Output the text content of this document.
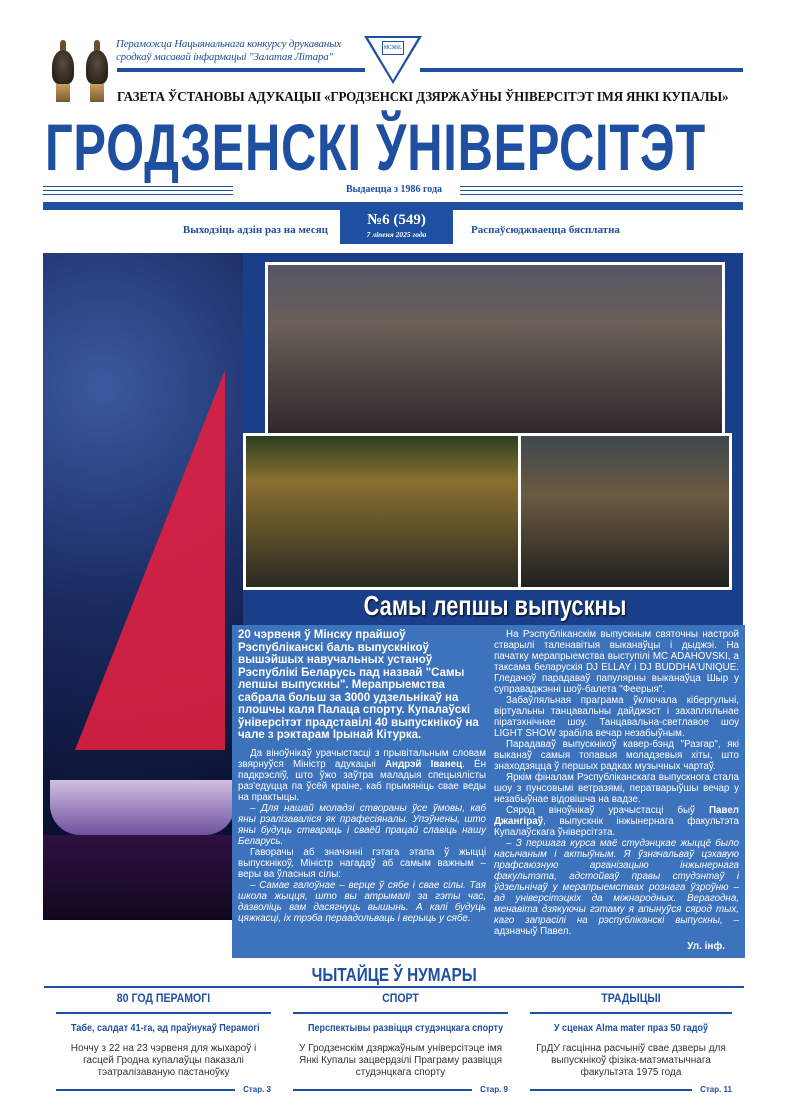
Пераможца Нацыянальнага конкурсу друкаваных
сродкаў масавай інфармацыі "Залатая Літара"
МСЖКL
ГАЗЕТА ЎСТАНОВЫ АДУКАЦЫІ «ГРОДЗЕНСКІ ДЗЯРЖАЎНЫ ЎНІВЕРСІТЭТ ІМЯ ЯНКІ КУПАЛЫ»
ГРОДЗЕНСКІ ЎНІВЕРСІТЭТ
Выдаецца з 1986 года
№6 (549)
7 лiпеня 2025 года
Выходзіць адзін раз на месяц	Распаўсюджваецца бясплатна
Самы лепшы выпускны
20 чэрвеня ў Мінску прайшоў Рэспубліканскі баль выпускнікоў вышэйшых навучальных устаноў Рэспублікі Беларусь пад назвай "Самы лепшы выпускны". Мерапрыемства сабрала больш за 3000 удзельнікаў на плошчы каля Палаца спорту. Купалаўскі ўніверсітэт прадставілі 40 выпускнікоў на чале з рэктарам Ірынай Кітурка.

Да віноўнікаў урачыстасці з прывітальным словам звярнуўся Міністр адукацыі Андрэй Іванец. Ён падкрэсліў, што ўжо заўтра маладыя спецыялісты раз'едуцца па ўсёй краіне, каб прымяніць свае веды на практыцы.

– Для нашай моладзі створаны ўсе ўмовы, каб яны рэалізаваліся як прафесіяналы. Упэўнены, што яны будуць ствараць і сваёй працай славіць нашу Беларусь.

Гаворачы аб значэнні гэтага этапа ў жыцці выпускнікоў, Міністр нагадаў аб самым важным – веры ва ўласныя сілы:

– Самае галоўнае – верце ў сябе і свае сілы. Тая школа жыцця, што вы атрымалі за гэты час, дазволіць вам дасягнуць вышынь. А калі будуць цяжкасці, іх трэба пераадольваць і верыць у сябе.

На Рэспубліканскім выпускным святочны настрой стварылі таленавітыя выканаўцы і дыджэі. На пачатку мерапрыемства выступілі MC ADAHOVSKI, а таксама беларускія DJ ELLAY і DJ BUDDHA'UNIQUE. Гледачоў парадаваў папулярны выканаўца Шыр у суправаджэнні шоў-балета "Феерыя".

Забаўляльная праграма ўключала кібергульні, віртуальны танцавальны дайджэст і захапляльнае піратэхнічнае шоу. Танцавальна-светлавое шоу LIGHT SHOW зрабіла вечар незабыўным.

Парадаваў выпускнікоў кавер-бэнд "Разгар", які выканаў самыя топавыя моладзевыя хіты, што знаходзяцца ў першых радках музычных чартаў.

Яркім фіналам Рэспубліканскага выпускнога стала шоу з пунсовымі ветразямі, ператварыўшы вечар у незабыўнае відовішча на вадзе.

Сярод віноўнікаў урачыстасці быў Павел Джангіраў, выпускнік інжынернага факультэта Купалаўскага ўніверсітэта.

– З першага курса маё студэнцкае жыццё было насычаным і актыўным. Я ўзначальваў цэхавую прафсаюзную арганізацыю інжынернага факультэта, адстойваў правы студэнтаў і ўдзельнічаў у мерапрыемствах рознага ўзроўню – ад універсітэцкіх да міжнародных. Верагодна, менавіта дзякуючы гэтаму я апынуўся сярод тых, каго запрасілі на рэспубліканскі выпускны, – адзначыў Павел.

Ул. інф.
ЧЫТАЙЦЕ Ў НУМАРЫ
80 ГОД ПЕРАМОГІ
Табе, салдат 41-га, ад праўнукаў Перамогі
Ноччу з 22 на 23 чэрвеня для жыхароў і гасцей Гродна купалаўцы паказалі тэатралізаваную пастаноўку
Стар. 3
СПОРТ
Перспектывы развіцця студэнцкага спорту
У Гродзенскім дзяржаўным універсітэце імя Янкі Купалы зацвердзілі Праграму развіцця студэнцкага спорту
Стар. 9
ТРАДЫЦЫІ
У сценах Alma mater праз 50 гадоў
ГрДУ гасцінна расчыніў свае дзверы для выпускнікоў фізіка-матэматычнага факультэта 1975 года
Стар. 11
